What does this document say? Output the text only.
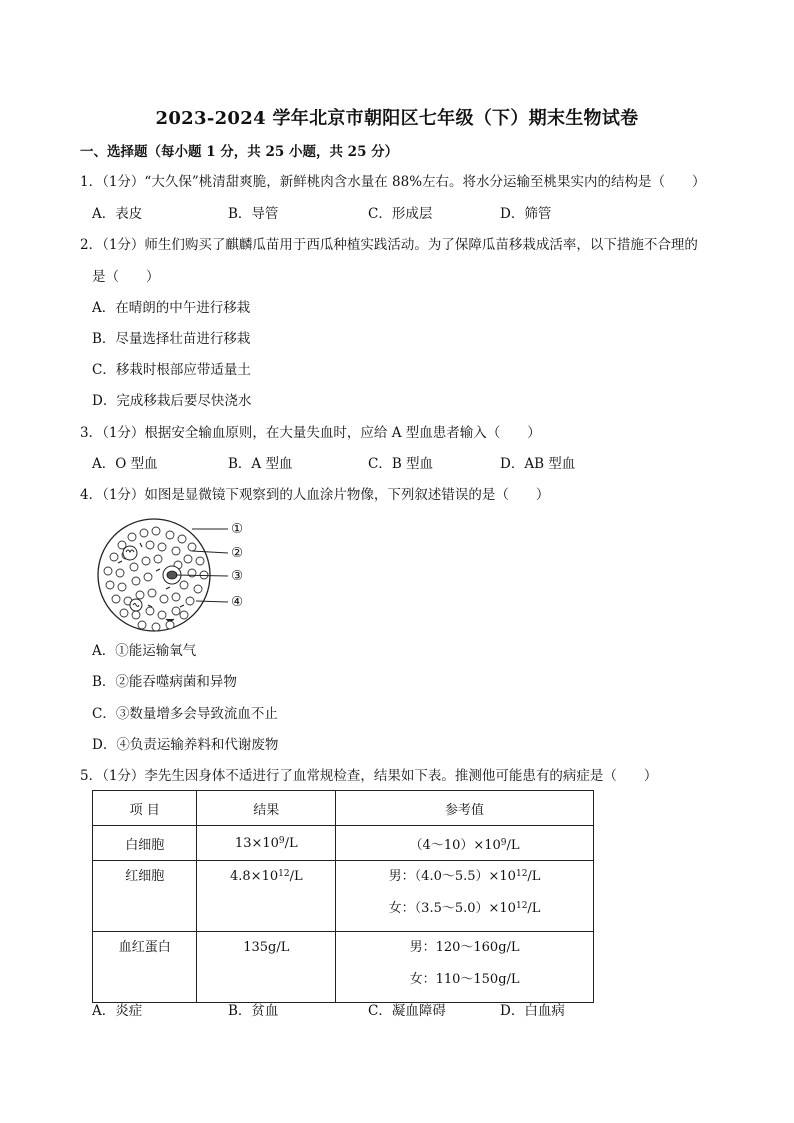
2023-2024 学年北京市朝阳区七年级（下）期末生物试卷
一、选择题（每小题 1 分，共 25 小题，共 25 分）
1．（1分）“大久保”桃清甜爽脆，新鲜桃肉含水量在 88%左右。将水分运输至桃果实内的结构是（　　）
A．表皮	B．导管	C．形成层	D．筛管
2．（1分）师生们购买了麒麟瓜苗用于西瓜种植实践活动。为了保障瓜苗移栽成活率，以下措施不合理的
是（　　）
A．在晴朗的中午进行移栽
B．尽量选择壮苗进行移栽
C．移栽时根部应带适量土
D．完成移栽后要尽快浇水
3．（1分）根据安全输血原则，在大量失血时，应给 A 型血患者输入（　　）
A．O 型血	B．A 型血	C．B 型血	D．AB 型血
4．（1分）如图是显微镜下观察到的人血涂片物像，下列叙述错误的是（　　）
①
②
③
④
A．①能运输氧气
B．②能吞噬病菌和异物
C．③数量增多会导致流血不止
D．④负责运输养料和代谢废物
5．（1分）李先生因身体不适进行了血常规检查，结果如下表。推测他可能患有的病症是（　　）
项 目	结果	参考值
白细胞	$13\times 10^9/L$	$(4\sim 10)\times 10^9/L$

红细胞	$4.8\times 10^{12}/L$	男：$(4.0\sim 5.5)\times 10^{12}/L$
女：$(3.5\sim 5.0)\times 10^{12}/L$

血红蛋白	135g/L	男：120～160g/L
女：110～150g/L
A．炎症	B．贫血	C．凝血障碍	D．白血病
